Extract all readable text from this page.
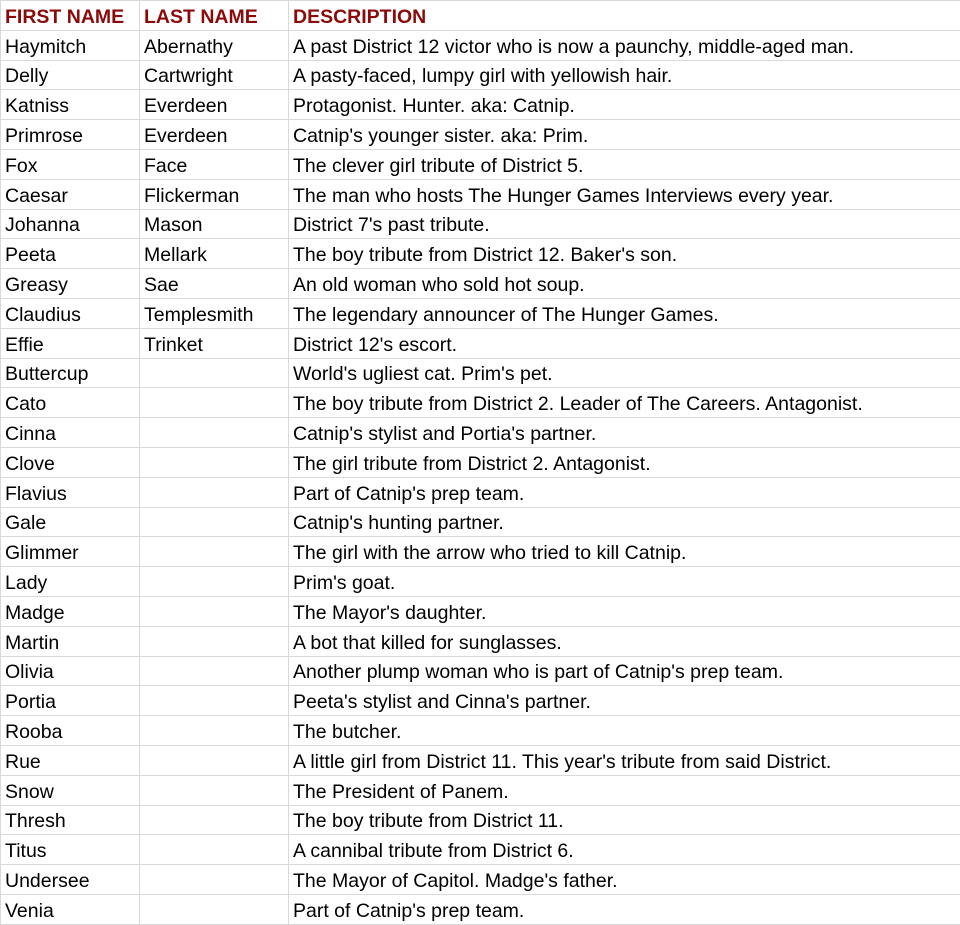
FIRST NAME	LAST NAME	DESCRIPTION
Haymitch	Abernathy	A past District 12 victor who is now a paunchy, middle-aged man.
Delly	Cartwright	A pasty-faced, lumpy girl with yellowish hair.
Katniss	Everdeen	Protagonist. Hunter. aka: Catnip.
Primrose	Everdeen	Catnip's younger sister. aka: Prim.
Fox	Face	The clever girl tribute of District 5.
Caesar	Flickerman	The man who hosts The Hunger Games Interviews every year.
Johanna	Mason	District 7's past tribute.
Peeta	Mellark	The boy tribute from District 12. Baker's son.
Greasy	Sae	An old woman who sold hot soup.
Claudius	Templesmith	The legendary announcer of The Hunger Games.
Effie	Trinket	District 12's escort.
Buttercup		World's ugliest cat. Prim's pet.
Cato		The boy tribute from District 2. Leader of The Careers. Antagonist.
Cinna		Catnip's stylist and Portia's partner.
Clove		The girl tribute from District 2. Antagonist.
Flavius		Part of Catnip's prep team.
Gale		Catnip's hunting partner.
Glimmer		The girl with the arrow who tried to kill Catnip.
Lady		Prim's goat.
Madge		The Mayor's daughter.
Martin		A bot that killed for sunglasses.
Olivia		Another plump woman who is part of Catnip's prep team.
Portia		Peeta's stylist and Cinna's partner.
Rooba		The butcher.
Rue		A little girl from District 11. This year's tribute from said District.
Snow		The President of Panem.
Thresh		The boy tribute from District 11.
Titus		A cannibal tribute from District 6.
Undersee		The Mayor of Capitol. Madge's father.
Venia		Part of Catnip's prep team.
